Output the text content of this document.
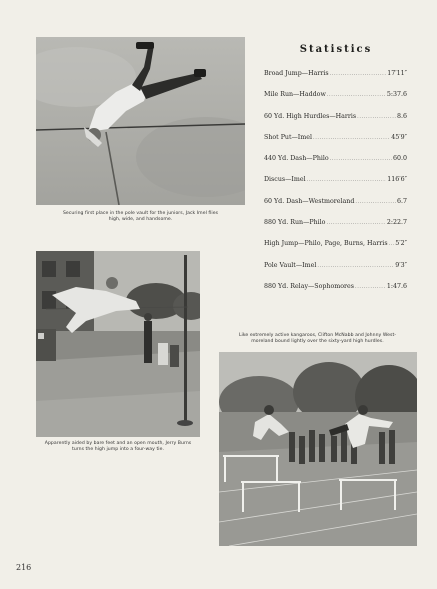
Securing first place in the pole vault for the juniors, Jack Imel flies
high, wide, and handsome.
Statistics
Broad Jump—Harris .....	17′11″
Mile Run—Haddow .....	5:37.6
60 Yd. High Hurdles—Harris .....	8.6
Shot Put—Imel .....	45′9″
440 Yd. Dash—Philo .....	60.0
Discus—Imel .....	116′6″
60 Yd. Dash—Westmoreland .....	6.7
880 Yd. Run—Philo .....	2:22.7
High Jump—Philo, Page, Burns, Harris ..... 5′2″
Pole Vault—Imel .....	9′3″
880 Yd. Relay—Sophomores .....	1:47.6
Apparently aided by bare feet and an open mouth, Jerry Burns
turns the high jump into a four-way tie.
Like extremely active kangaroos, Clifton McNabb and Johnny West-
moreland bound lightly over the sixty-yard high hurdles.
216
